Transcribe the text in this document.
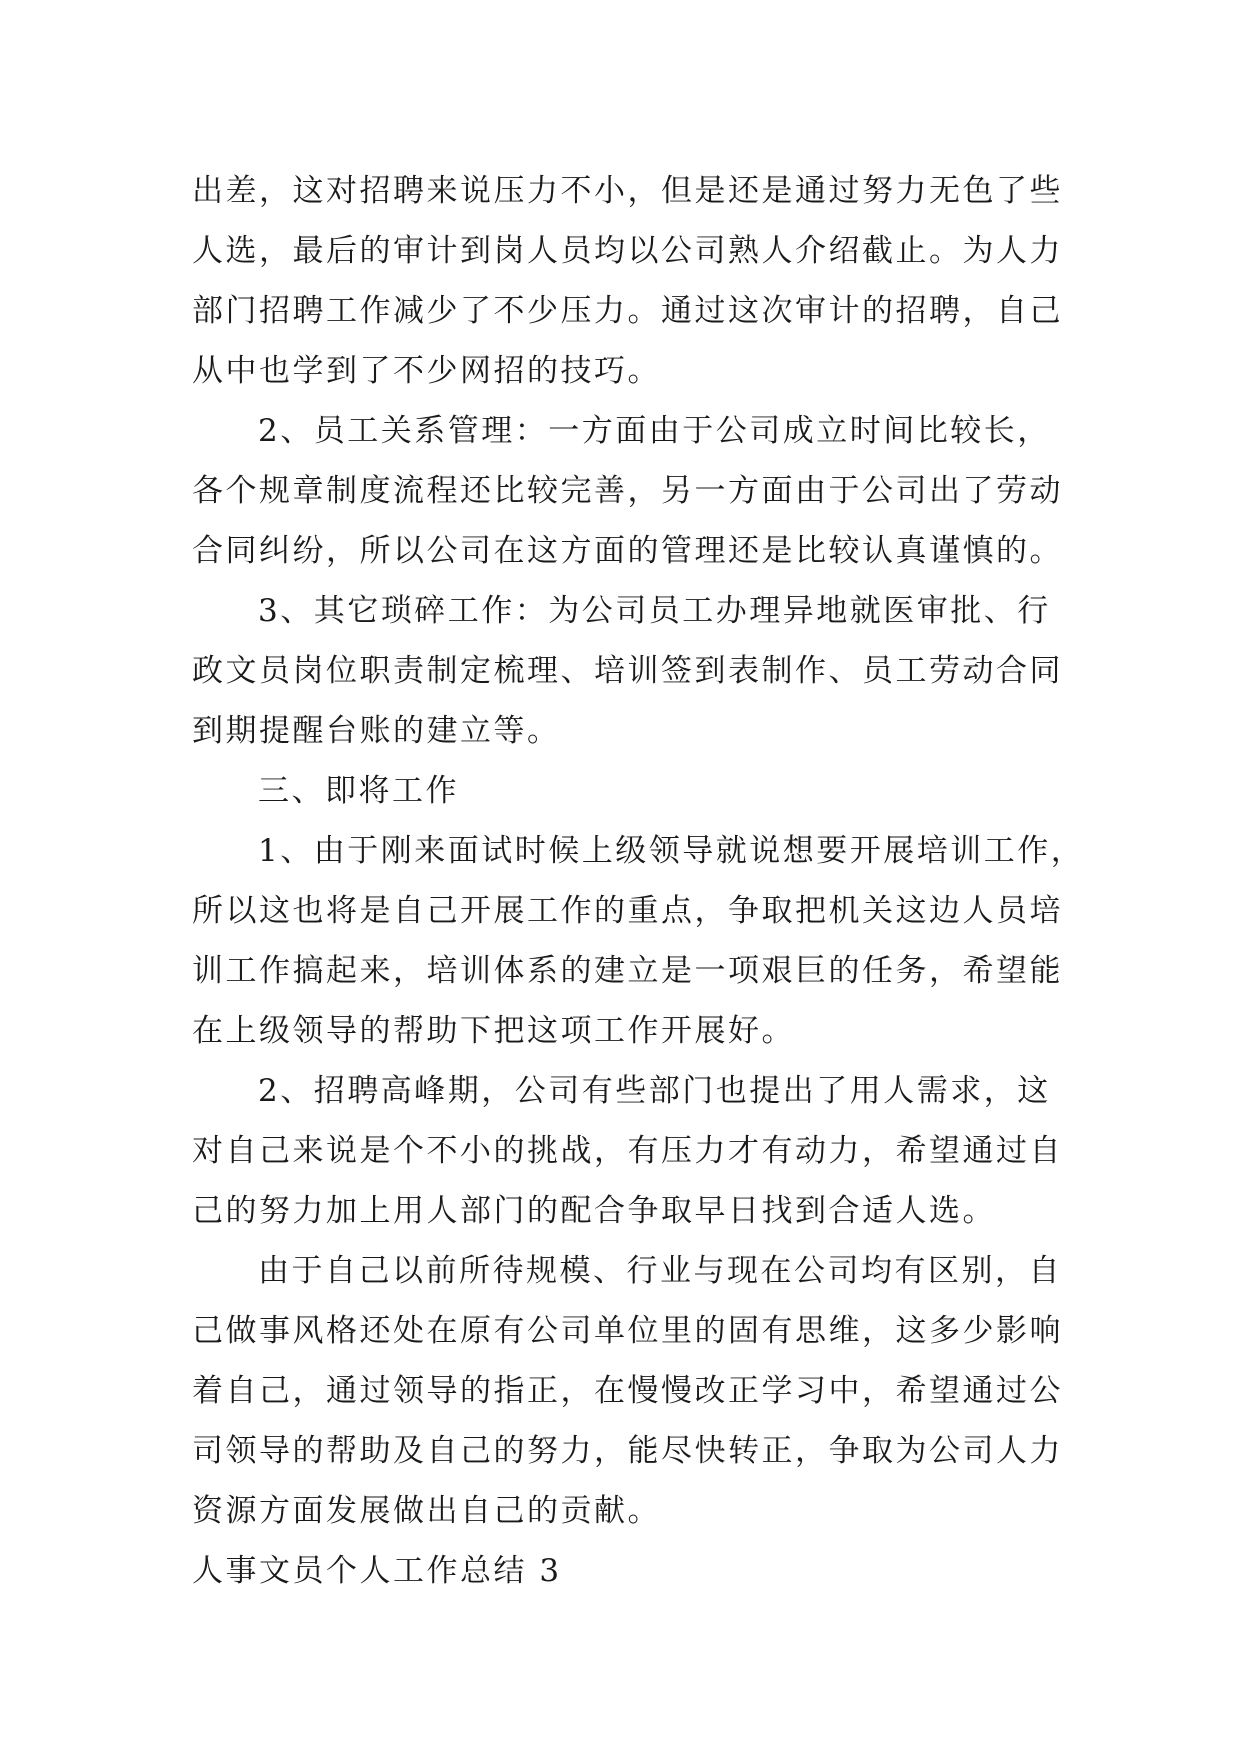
出差，这对招聘来说压力不小，但是还是通过努力无色了些
人选，最后的审计到岗人员均以公司熟人介绍截止。为人力
部门招聘工作减少了不少压力。通过这次审计的招聘，自己
从中也学到了不少网招的技巧。

2、员工关系管理：一方面由于公司成立时间比较长，
各个规章制度流程还比较完善，另一方面由于公司出了劳动
合同纠纷，所以公司在这方面的管理还是比较认真谨慎的。

3、其它琐碎工作：为公司员工办理异地就医审批、行
政文员岗位职责制定梳理、培训签到表制作、员工劳动合同
到期提醒台账的建立等。

三、即将工作

1、由于刚来面试时候上级领导就说想要开展培训工作，
所以这也将是自己开展工作的重点，争取把机关这边人员培
训工作搞起来，培训体系的建立是一项艰巨的任务，希望能
在上级领导的帮助下把这项工作开展好。

2、招聘高峰期，公司有些部门也提出了用人需求，这
对自己来说是个不小的挑战，有压力才有动力，希望通过自
己的努力加上用人部门的配合争取早日找到合适人选。

由于自己以前所待规模、行业与现在公司均有区别，自
己做事风格还处在原有公司单位里的固有思维，这多少影响
着自己，通过领导的指正，在慢慢改正学习中，希望通过公
司领导的帮助及自己的努力，能尽快转正，争取为公司人力
资源方面发展做出自己的贡献。

人事文员个人工作总结 3
